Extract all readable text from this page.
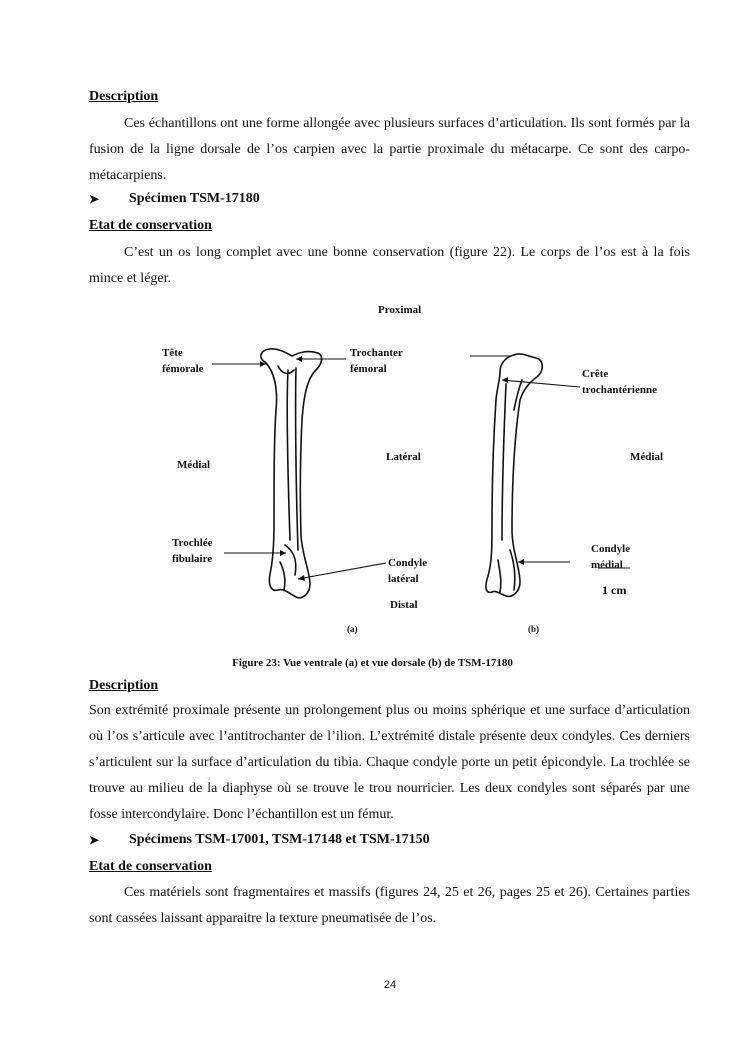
Description

Ces échantillons ont une forme allongée avec plusieurs surfaces d’articulation. Ils sont formés par la fusion de la ligne dorsale de l’os carpien avec la partie proximale du métacarpe. Ce sont des carpo-métacarpiens.

➤	Spécimen TSM-17180
Etat de conservation

C’est un os long complet avec une bonne conservation (figure 22). Le corps de l’os est à la fois mince et léger.

Proximal
Tête
fémorale
Trochanter
fémoral	Crête
trochantérienne
Médial
Latéral	Médial
Trochlée
fibulaire	Condyle
latéral
Condyle
médial
1 cm
Distal
(a)	(b)
Figure 23: Vue ventrale (a) et vue dorsale (b) de TSM-17180
Description

Son extrémité proximale présente un prolongement plus ou moins sphérique et une surface d’articulation où l’os s’articule avec l’antitrochanter de l’ilion. L’extrémité distale présente deux condyles. Ces derniers s’articulent sur la surface d’articulation du tibia. Chaque condyle porte un petit épicondyle. La trochlée se trouve au milieu de la diaphyse où se trouve le trou nourricier. Les deux condyles sont séparés par une fosse intercondylaire. Donc l’échantillon est un fémur.

➤	Spécimens TSM-17001, TSM-17148 et TSM-17150
Etat de conservation

Ces matériels sont fragmentaires et massifs (figures 24, 25 et 26, pages 25 et 26). Certaines parties sont cassées laissant apparaitre la texture pneumatisée de l’os.

24
